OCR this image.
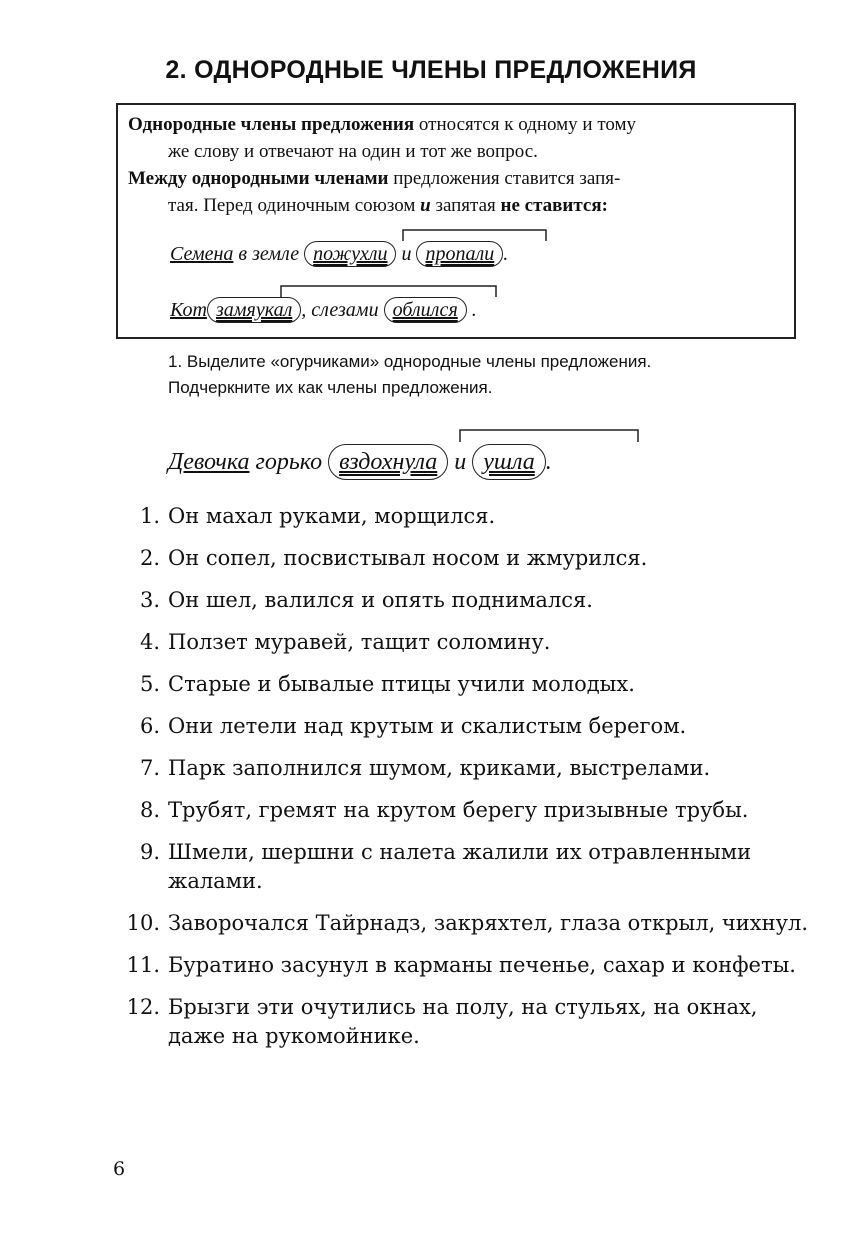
2. ОДНОРОДНЫЕ ЧЛЕНЫ ПРЕДЛОЖЕНИЯ
Однородные члены предложения относятся к одному и тому
же слову и отвечают на один и тот же вопрос.
Между однородными членами предложения ставится запя-
тая. Перед одиночным союзом и запятая не ставится:
Семена в земле пожухли и пропали .
Кот замяукал , слезами облился .
1. Выделите «огурчиками» однородные члены предложения.
Подчеркните их как члены предложения.
Девочка горько вздохнула и ушла .
1. Он махал руками, морщился.
2. Он сопел, посвистывал носом и жмурился.
3. Он шел, валился и опять поднимался.
4. Ползет муравей, тащит соломину.
5. Старые и бывалые птицы учили молодых.
6. Они летели над крутым и скалистым берегом.
7. Парк заполнился шумом, криками, выстрелами.
8. Трубят, гремят на крутом берегу призывные трубы.
9. Шмели, шершни с налета жалили их отравленными жалами.
10. Заворочался Тайрнадз, закряхтел, глаза открыл, чихнул.
11. Буратино засунул в карманы печенье, сахар и конфеты.
12. Брызги эти очутились на полу, на стульях, на окнах, даже на рукомойнике.
6
